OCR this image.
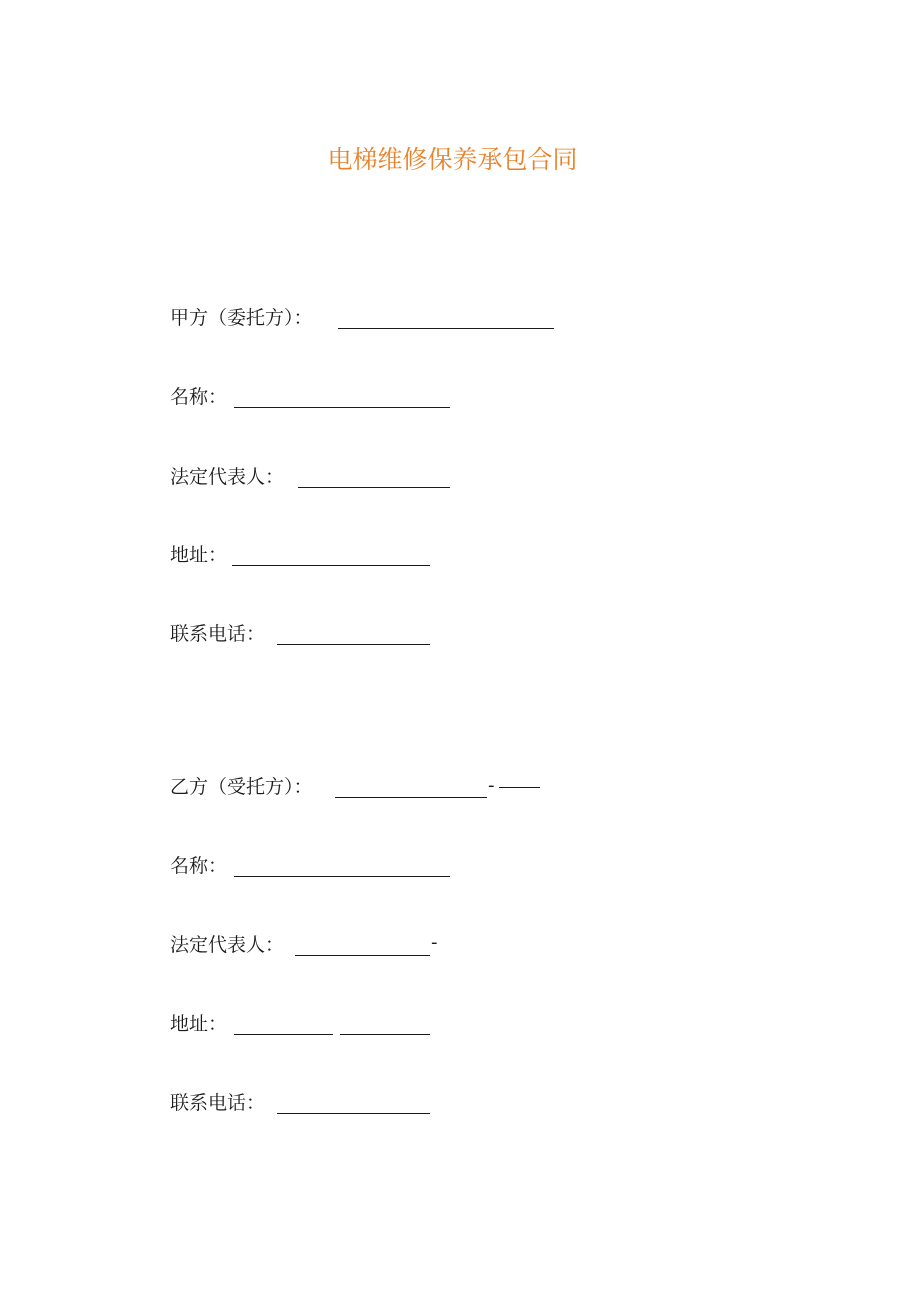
电梯维修保养承包合同
甲方（委托方）：
名称：
法定代表人：
地址：
联系电话：
乙方（受托方）：	-
名称：
法定代表人：	-
地址：
联系电话：
